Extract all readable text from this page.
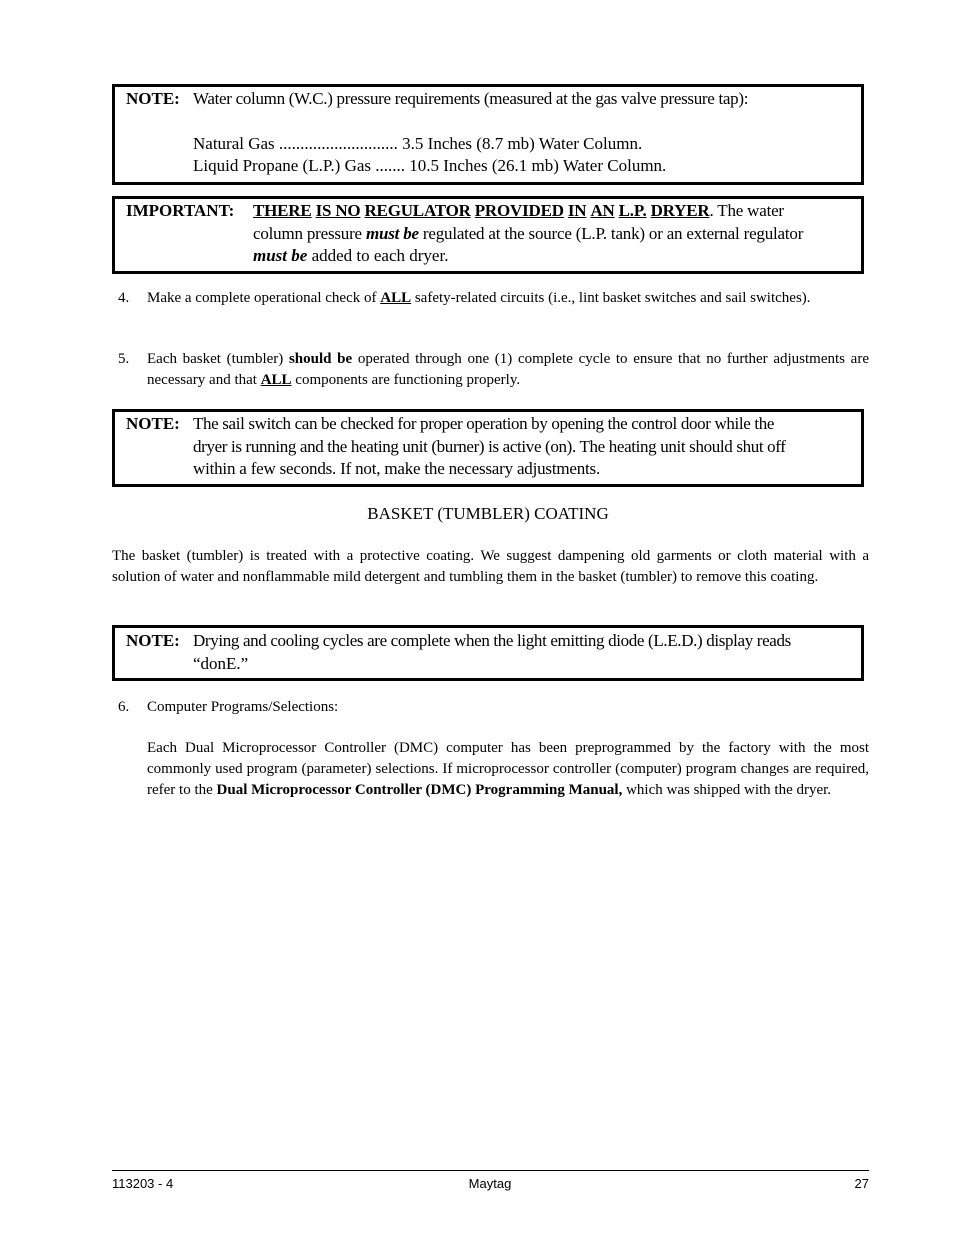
NOTE: Water column (W.C.) pressure requirements (measured at the gas valve pressure tap):
Natural Gas ............................ 3.5 Inches (8.7 mb) Water Column.
Liquid Propane (L.P.) Gas ....... 10.5 Inches (26.1 mb) Water Column.
IMPORTANT: THERE IS NO REGULATOR PROVIDED IN AN L.P. DRYER. The water
column pressure must be regulated at the source (L.P. tank) or an external regulator
must be added to each dryer.
4. Make a complete operational check of ALL safety-related circuits (i.e., lint basket switches and sail switches).
5. Each basket (tumbler) should be operated through one (1) complete cycle to ensure that no further adjustments are necessary and that ALL components are functioning properly.
NOTE: The sail switch can be checked for proper operation by opening the control door while the
dryer is running and the heating unit (burner) is active (on). The heating unit should shut off
within a few seconds. If not, make the necessary adjustments.
BASKET (TUMBLER) COATING
The basket (tumbler) is treated with a protective coating. We suggest dampening old garments or cloth material with a solution of water and nonflammable mild detergent and tumbling them in the basket (tumbler) to remove this coating.
NOTE: Drying and cooling cycles are complete when the light emitting diode (L.E.D.) display reads
“donE.”
6. Computer Programs/Selections:
Each Dual Microprocessor Controller (DMC) computer has been preprogrammed by the factory with the most commonly used program (parameter) selections. If microprocessor controller (computer) program changes are required, refer to the Dual Microprocessor Controller (DMC) Programming Manual, which was shipped with the dryer.
113203 - 4	Maytag	27
